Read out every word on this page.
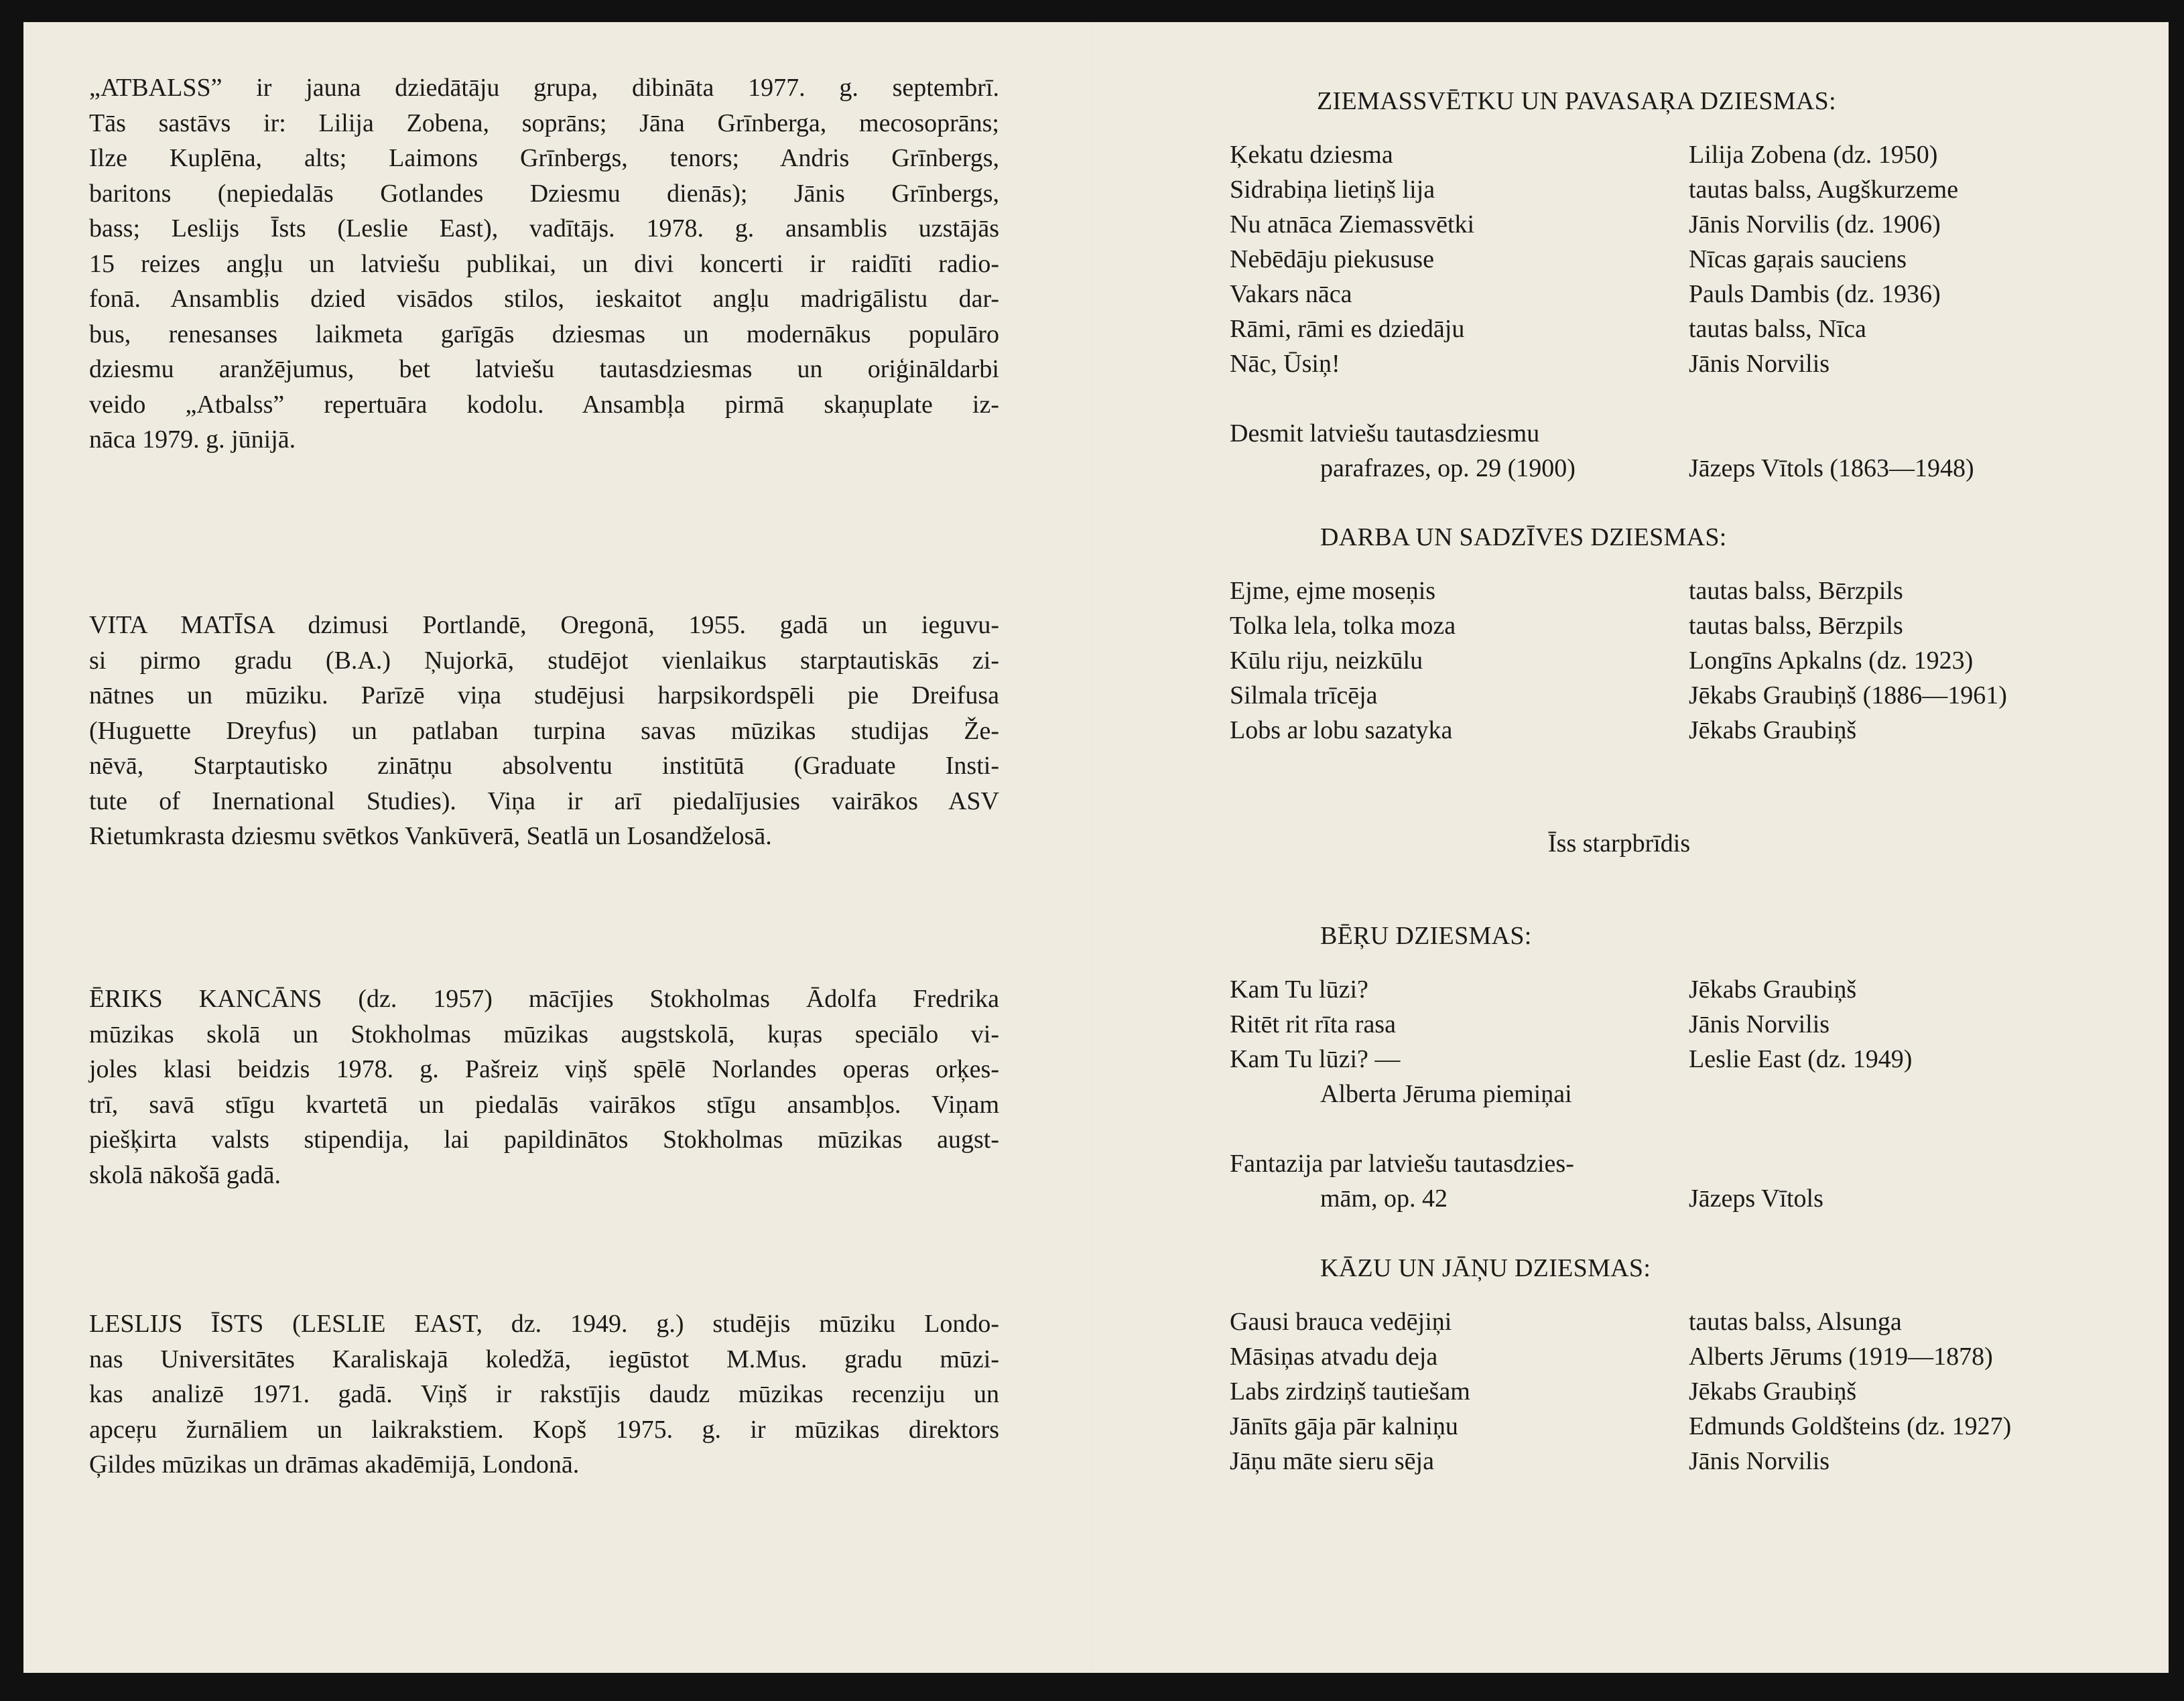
„ATBALSS” ir jauna dziedātāju grupa, dibināta 1977. g. septembrī.
Tās sastāvs ir: Lilija Zobena, soprāns; Jāna Grīnberga, mecosoprāns;
Ilze Kuplēna, alts; Laimons Grīnbergs, tenors; Andris Grīnbergs,
baritons (nepiedalās Gotlandes Dziesmu dienās); Jānis Grīnbergs,
bass; Leslijs Īsts (Leslie East), vadītājs. 1978. g. ansamblis uzstājās
15 reizes angļu un latviešu publikai, un divi koncerti ir raidīti radio-
fonā. Ansamblis dzied visādos stilos, ieskaitot angļu madrigālistu dar-
bus, renesanses laikmeta garīgās dziesmas un modernākus populāro
dziesmu aranžējumus, bet latviešu tautasdziesmas un oriģināldarbi
veido „Atbalss” repertuāra kodolu. Ansambļa pirmā skaņuplate iz-
nāca 1979. g. jūnijā.

VITA MATĪSA dzimusi Portlandē, Oregonā, 1955. gadā un ieguvu-
si pirmo gradu (B.A.) Ņujorkā, studējot vienlaikus starptautiskās zi-
nātnes un mūziku. Parīzē viņa studējusi harpsikordspēli pie Dreifusa
(Huguette Dreyfus) un patlaban turpina savas mūzikas studijas Že-
nēvā, Starptautisko zinātņu absolventu institūtā (Graduate Insti-
tute of Inernational Studies). Viņa ir arī piedalījusies vairākos ASV
Rietumkrasta dziesmu svētkos Vankūverā, Seatlā un Losandželosā.

ĒRIKS KANCĀNS (dz. 1957) mācījies Stokholmas Ādolfa Fredrika
mūzikas skolā un Stokholmas mūzikas augstskolā, kuŗas speciālo vi-
joles klasi beidzis 1978. g. Pašreiz viņš spēlē Norlandes operas orķes-
trī, savā stīgu kvartetā un piedalās vairākos stīgu ansambļos. Viņam
piešķirta valsts stipendija, lai papildinātos Stokholmas mūzikas augst-
skolā nākošā gadā.

LESLIJS ĪSTS (LESLIE EAST, dz. 1949. g.) studējis mūziku Londo-
nas Universitātes Karaliskajā koledžā, iegūstot M.Mus. gradu mūzi-
kas analizē 1971. gadā. Viņš ir rakstījis daudz mūzikas recenziju un
apceŗu žurnāliem un laikrakstiem. Kopš 1975. g. ir mūzikas direktors
Ģildes mūzikas un drāmas akadēmijā, Londonā.

ZIEMASSVĒTKU UN PAVASAŖA DZIESMAS:
Ķekatu dziesma	Lilija Zobena (dz. 1950)
Sidrabiņa lietiņš lija	tautas balss, Augškurzeme
Nu atnāca Ziemassvētki	Jānis Norvilis (dz. 1906)
Nebēdāju piekususe	Nīcas gaŗais sauciens
Vakars nāca	Pauls Dambis (dz. 1936)
Rāmi, rāmi es dziedāju	tautas balss, Nīca
Nāc, Ūsiņ!	Jānis Norvilis
Desmit latviešu tautasdziesmu
parafrazes, op. 29 (1900)	Jāzeps Vītols (1863—1948)
DARBA UN SADZĪVES DZIESMAS:
Ejme, ejme moseņis	tautas balss, Bērzpils
Tolka lela, tolka moza	tautas balss, Bērzpils
Kūlu riju, neizkūlu	Longīns Apkalns (dz. 1923)
Silmala trīcēja	Jēkabs Graubiņš (1886—1961)
Lobs ar lobu sazatyka	Jēkabs Graubiņš
Īss starpbrīdis
BĒŖU DZIESMAS:
Kam Tu lūzi?	Jēkabs Graubiņš
Ritēt rit rīta rasa	Jānis Norvilis
Kam Tu lūzi? —	Leslie East (dz. 1949)
Alberta Jēruma piemiņai
Fantazija par latviešu tautasdzies-
mām, op. 42	Jāzeps Vītols
KĀZU UN JĀŅU DZIESMAS:
Gausi brauca vedējiņi	tautas balss, Alsunga
Māsiņas atvadu deja	Alberts Jērums (1919—1878)
Labs zirdziņš tautiešam	Jēkabs Graubiņš
Jānīts gāja pār kalniņu	Edmunds Goldšteins (dz. 1927)
Jāņu māte sieru sēja	Jānis Norvilis
